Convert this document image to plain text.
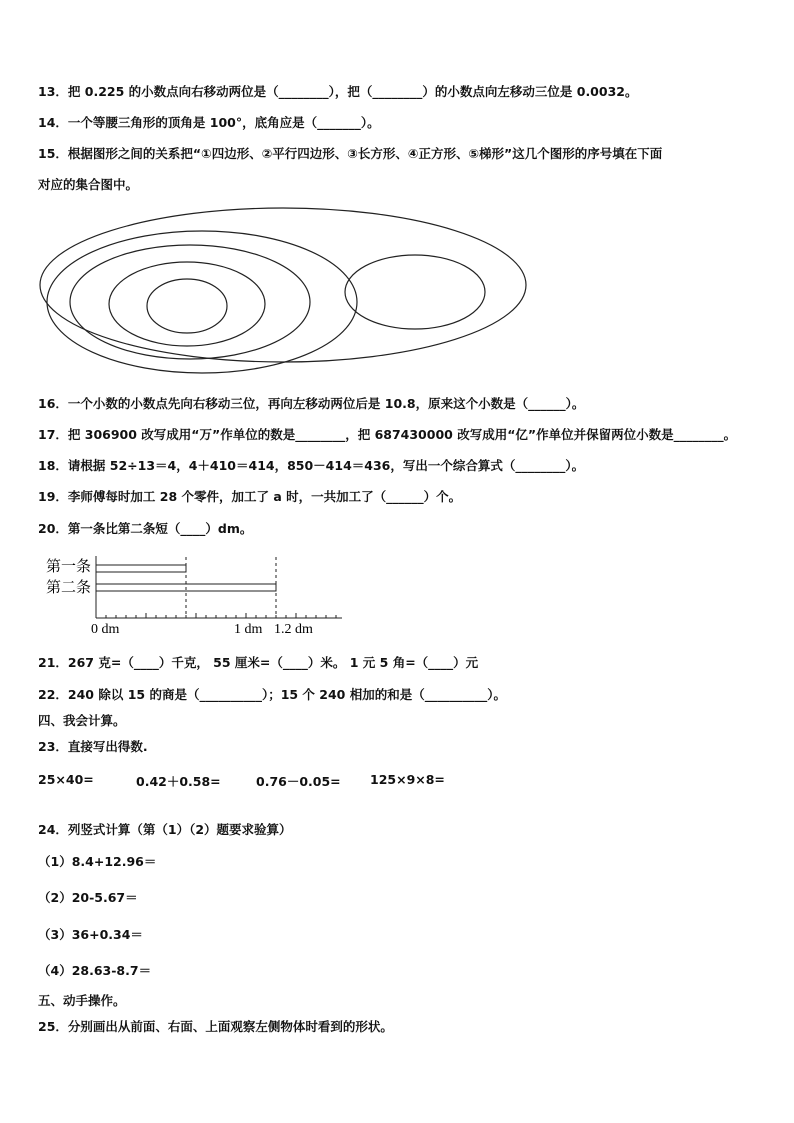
13．把 0.225 的小数点向右移动两位是（________），把（________）的小数点向左移动三位是 0.0032。
14．一个等腰三角形的顶角是 100°，底角应是（_______）。
15．根据图形之间的关系把“①四边形、②平行四边形、③长方形、④正方形、⑤梯形”这几个图形的序号填在下面
对应的集合图中。
16．一个小数的小数点先向右移动三位，再向左移动两位后是 10.8，原来这个小数是（______）。
17．把 306900 改写成用“万”作单位的数是________，把 687430000 改写成用“亿”作单位并保留两位小数是________。
18．请根据 52÷13＝4，4＋410＝414，850－414＝436，写出一个综合算式（________）。
19．李师傅每时加工 28 个零件，加工了 a 时，一共加工了（______）个。
20．第一条比第二条短（____）dm。
第一条
第二条
0 dm	1 dm 1.2 dm
21．267 克=（____）千克， 55 厘米=（____）米。 1 元 5 角=（____）元
22．240 除以 15 的商是（__________）；15 个 240 相加的和是（__________）。
四、我会计算。
23．直接写出得数.
25×40=	0.42＋0.58=	0.76－0.05= 125×9×8=
24．列竖式计算（第（1）（2）题要求验算）
（1）8.4+12.96＝
（2）20-5.67＝
（3）36+0.34＝
（4）28.63-8.7＝
五、动手操作。
25．分别画出从前面、右面、上面观察左侧物体时看到的形状。
